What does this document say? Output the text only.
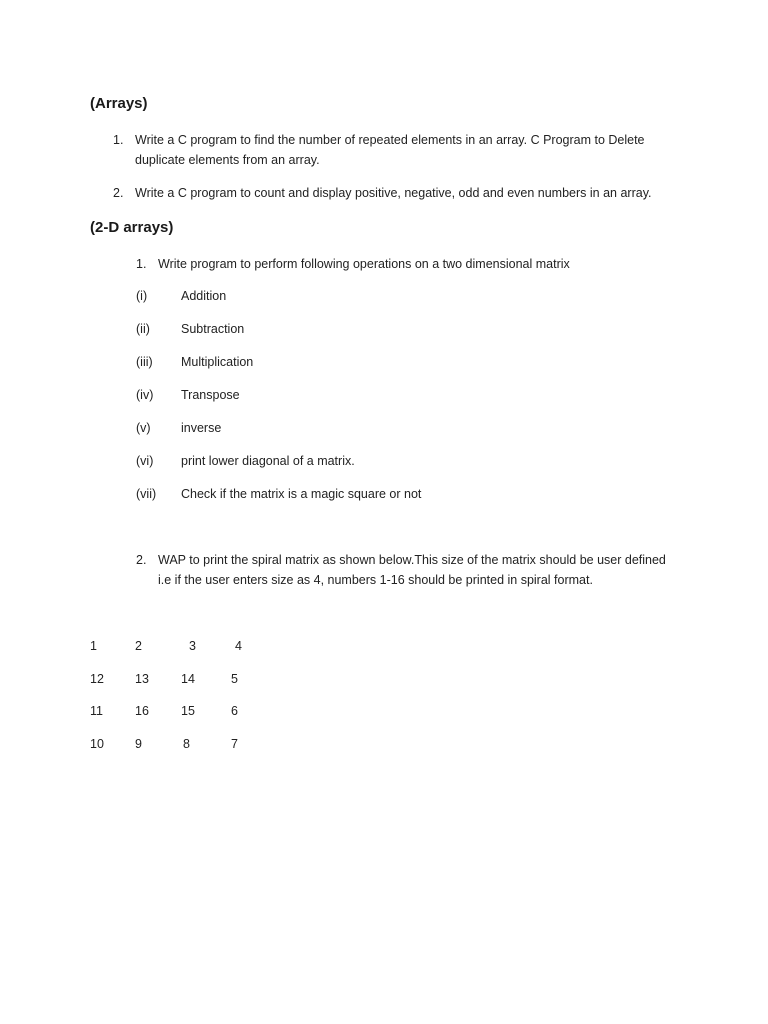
(Arrays)
1. Write a C program to find the number of repeated elements in an array. C Program to Delete
duplicate elements from an array.
2. Write a C program to count and display positive, negative, odd and even numbers in an array.
(2-D arrays)
1. Write program to perform following operations on a two dimensional matrix
(i)	Addition
(ii)	Subtraction
(iii)	Multiplication
(iv)	Transpose
(v)	inverse
(vi)	print lower diagonal of a matrix.
(vii)	Check if the matrix is a magic square or not
2. WAP to print the spiral matrix as shown below.This size of the matrix should be user defined
i.e if the user enters size as 4, numbers 1-16 should be printed in spiral format.
1	2	3	4
12	13	14	5
11	16	15	6
10	9	8	7
